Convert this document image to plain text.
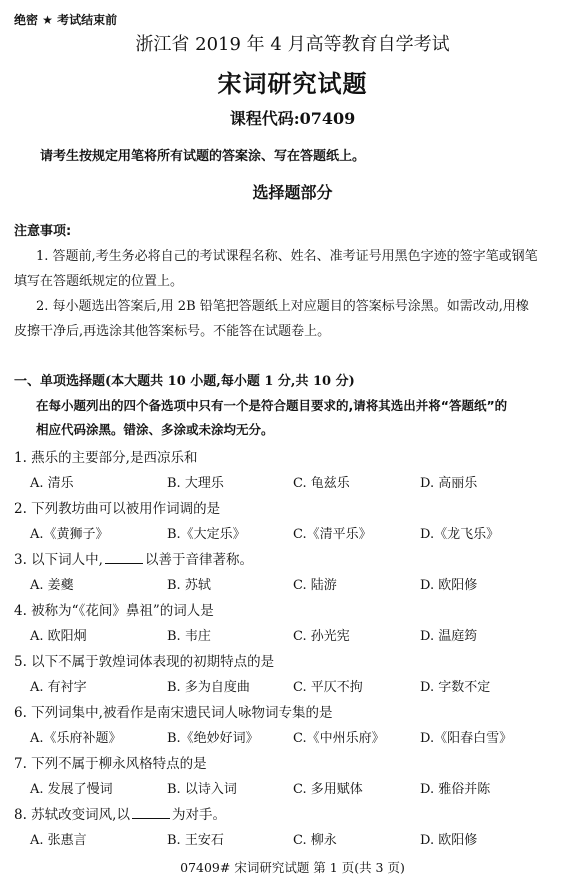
绝密 ★ 考试结束前
浙江省 2019 年 4 月高等教育自学考试
宋词研究试题
课程代码:07409
请考生按规定用笔将所有试题的答案涂、写在答题纸上。
选择题部分
注意事项:
1. 答题前,考生务必将自己的考试课程名称、姓名、准考证号用黑色字迹的签字笔或钢笔
填写在答题纸规定的位置上。
2. 每小题选出答案后,用 2B 铅笔把答题纸上对应题目的答案标号涂黑。如需改动,用橡
皮擦干净后,再选涂其他答案标号。不能答在试题卷上。
一、单项选择题(本大题共 10 小题,每小题 1 分,共 10 分)
在每小题列出的四个备选项中只有一个是符合题目要求的,请将其选出并将“答题纸”的
相应代码涂黑。错涂、多涂或未涂均无分。
1. 燕乐的主要部分,是西凉乐和
A. 清乐	B. 大理乐	C. 龟兹乐	D. 高丽乐
2. 下列教坊曲可以被用作词调的是
A.《黄狮子》	B.《大定乐》	C.《清平乐》	D.《龙飞乐》
3. 以下词人中,	以善于音律著称。
A. 姜夔	B. 苏轼	C. 陆游	D. 欧阳修
4. 被称为“《花间》鼻祖”的词人是
A. 欧阳炯	B. 韦庄	C. 孙光宪	D. 温庭筠
5. 以下不属于敦煌词体表现的初期特点的是
A. 有衬字	B. 多为自度曲	C. 平仄不拘	D. 字数不定
6. 下列词集中,被看作是南宋遗民词人咏物词专集的是
A.《乐府补题》	B.《绝妙好词》	C.《中州乐府》	D.《阳春白雪》
7. 下列不属于柳永风格特点的是
A. 发展了慢词	B. 以诗入词	C. 多用赋体	D. 雅俗并陈
8. 苏轼改变词风,以	为对手。
A. 张惠言	B. 王安石	C. 柳永	D. 欧阳修
07409# 宋词研究试题 第 1 页(共 3 页)
